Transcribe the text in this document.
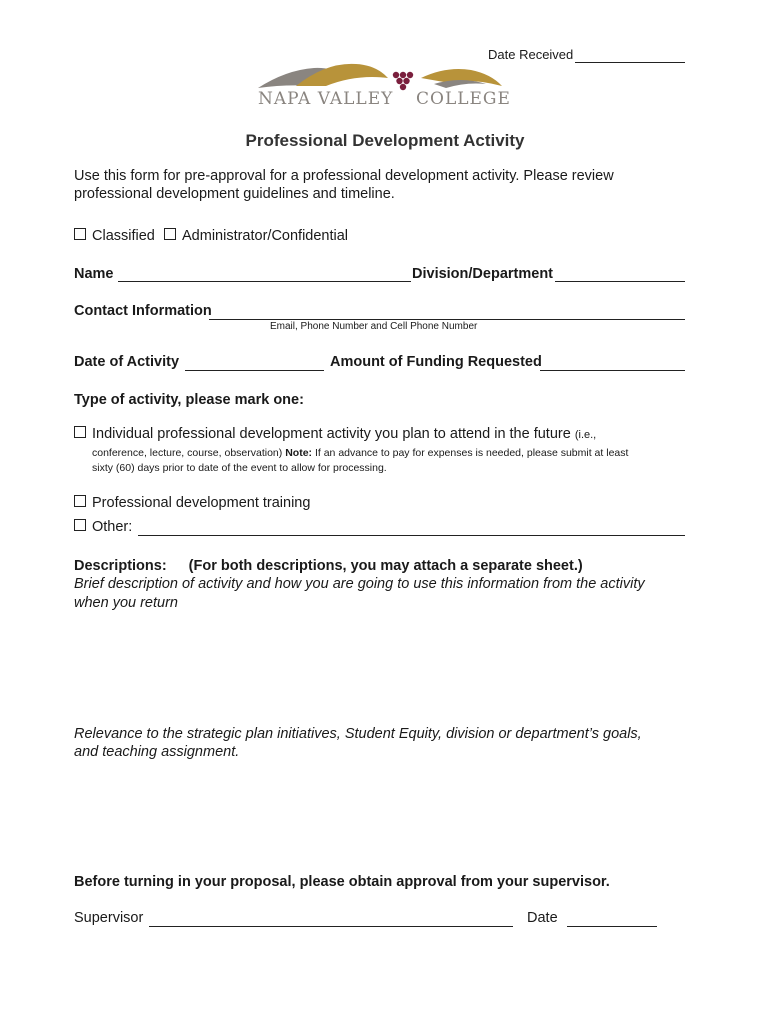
Date Received
NAPA VALLEY COLLEGE
Professional Development Activity
Use this form for pre-approval for a professional development activity. Please review
professional development guidelines and timeline.
Classified	Administrator/Confidential
Name	Division/Department
Contact Information
Email, Phone Number and Cell Phone Number
Date of Activity	Amount of Funding Requested
Type of activity, please mark one:
Individual professional development activity you plan to attend in the future (i.e.,
conference, lecture, course, observation) Note: If an advance to pay for expenses is needed, please submit at least
sixty (60) days prior to date of the event to allow for processing.
Professional development training
Other:
Descriptions: (For both descriptions, you may attach a separate sheet.)
Brief description of activity and how you are going to use this information from the activity
when you return
Relevance to the strategic plan initiatives, Student Equity, division or department’s goals,
and teaching assignment.
Before turning in your proposal, please obtain approval from your supervisor.
Supervisor	Date
